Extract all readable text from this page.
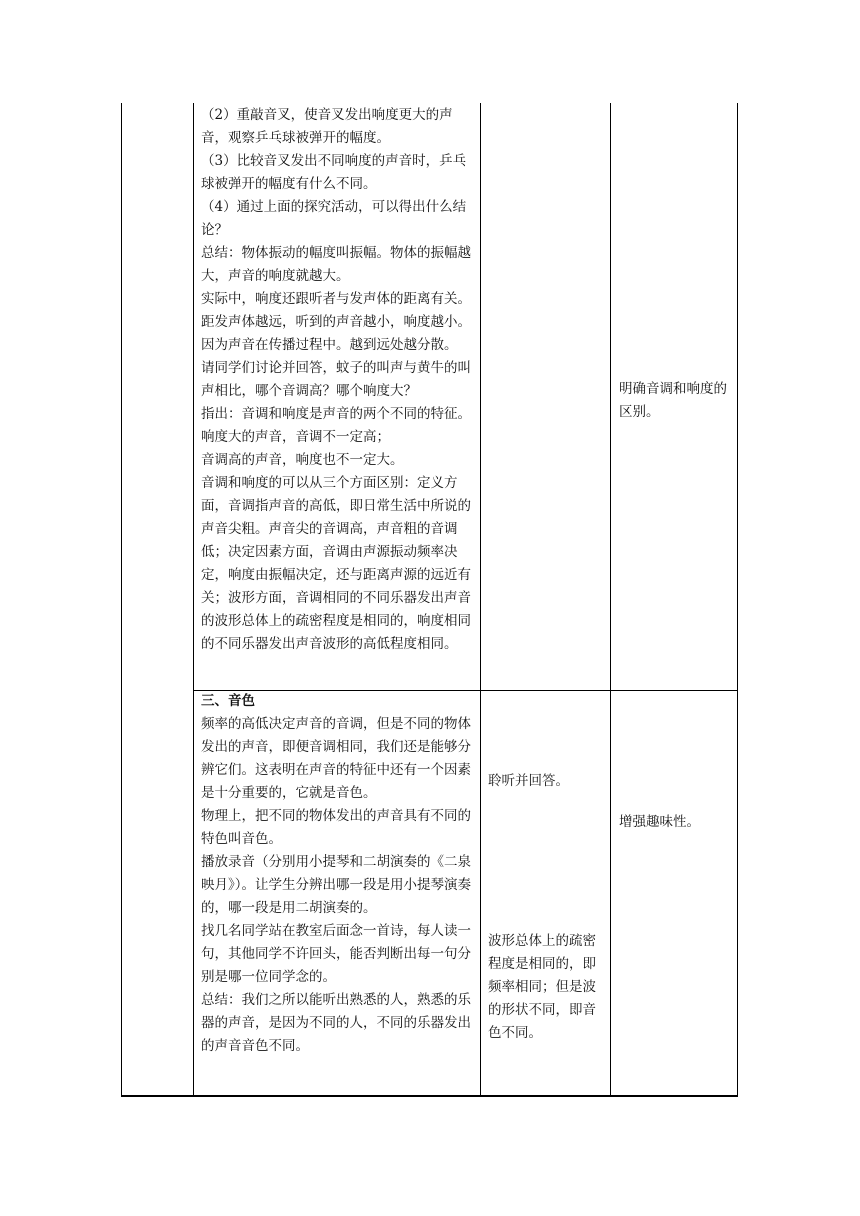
（2）重敲音叉，使音叉发出响度更大的声音，观察乒乓球被弹开的幅度。

（3）比较音叉发出不同响度的声音时，乒乓球被弹开的幅度有什么不同。

（4）通过上面的探究活动，可以得出什么结论？

总结：物体振动的幅度叫振幅。物体的振幅越大，声音的响度就越大。

实际中，响度还跟听者与发声体的距离有关。距发声体越远，听到的声音越小，响度越小。因为声音在传播过程中。越到远处越分散。

请同学们讨论并回答，蚊子的叫声与黄牛的叫声相比，哪个音调高？哪个响度大？

指出：音调和响度是声音的两个不同的特征。响度大的声音，音调不一定高；

音调高的声音，响度也不一定大。

音调和响度的可以从三个方面区别：定义方面，音调指声音的高低，即日常生活中所说的声音尖粗。声音尖的音调高，声音粗的音调低；决定因素方面，音调由声源振动频率决定，响度由振幅决定，还与距离声源的远近有关；波形方面，音调相同的不同乐器发出声音的波形总体上的疏密程度是相同的，响度相同的不同乐器发出声音波形的高低程度相同。

明确音调和响度的区别。

三、音色

频率的高低决定声音的音调，但是不同的物体发出的声音，即便音调相同，我们还是能够分辨它们。这表明在声音的特征中还有一个因素是十分重要的，它就是音色。

物理上，把不同的物体发出的声音具有不同的特色叫音色。

播放录音（分别用小提琴和二胡演奏的《二泉映月》）。让学生分辨出哪一段是用小提琴演奏的，哪一段是用二胡演奏的。

找几名同学站在教室后面念一首诗，每人读一句，其他同学不许回头，能否判断出每一句分别是哪一位同学念的。

总结：我们之所以能听出熟悉的人，熟悉的乐器的声音，是因为不同的人，不同的乐器发出的声音音色不同。

聆听并回答。

波形总体上的疏密程度是相同的，即频率相同；但是波的形状不同，即音色不同。

增强趣味性。
